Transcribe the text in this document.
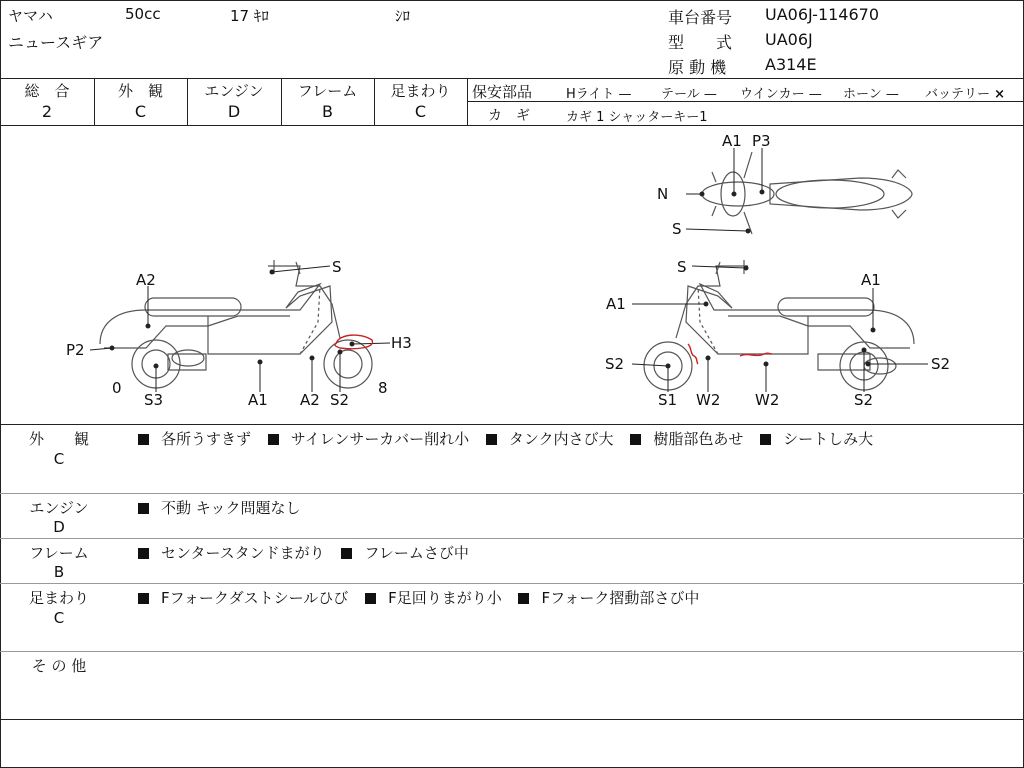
ヤマハ	50cc	17 ｷﾛ	ｼﾛ
ニュースギア
車台番号 UA06J-114670
型　　式 UA06J
原 動 機 A314E
総　合
2
外　観
C
エンジン
D
フレーム
B
足まわり
C
保安部品	Hライト — テール — ウインカー — ホーン — バッテリー ×
カ　ギ	カギ 1 シャッターキー1
S
A2
H3
P2
0
S3	A1 A2 S2
8
A1 P3
N
S
S
A1
A1
S2	S2
S1 W2 W2	S2
外　　観
C
各所うすきず	サイレンサーカバー削れ小	タンク内さび大	樹脂部色あせ	シートしみ大
エンジン
D
不動 キック問題なし
フレーム
B
センタースタンドまがり	フレームさび中
足まわり
C
Fフォークダストシールひび	F足回りまがり小	Fフォーク摺動部さび中
そ の 他
